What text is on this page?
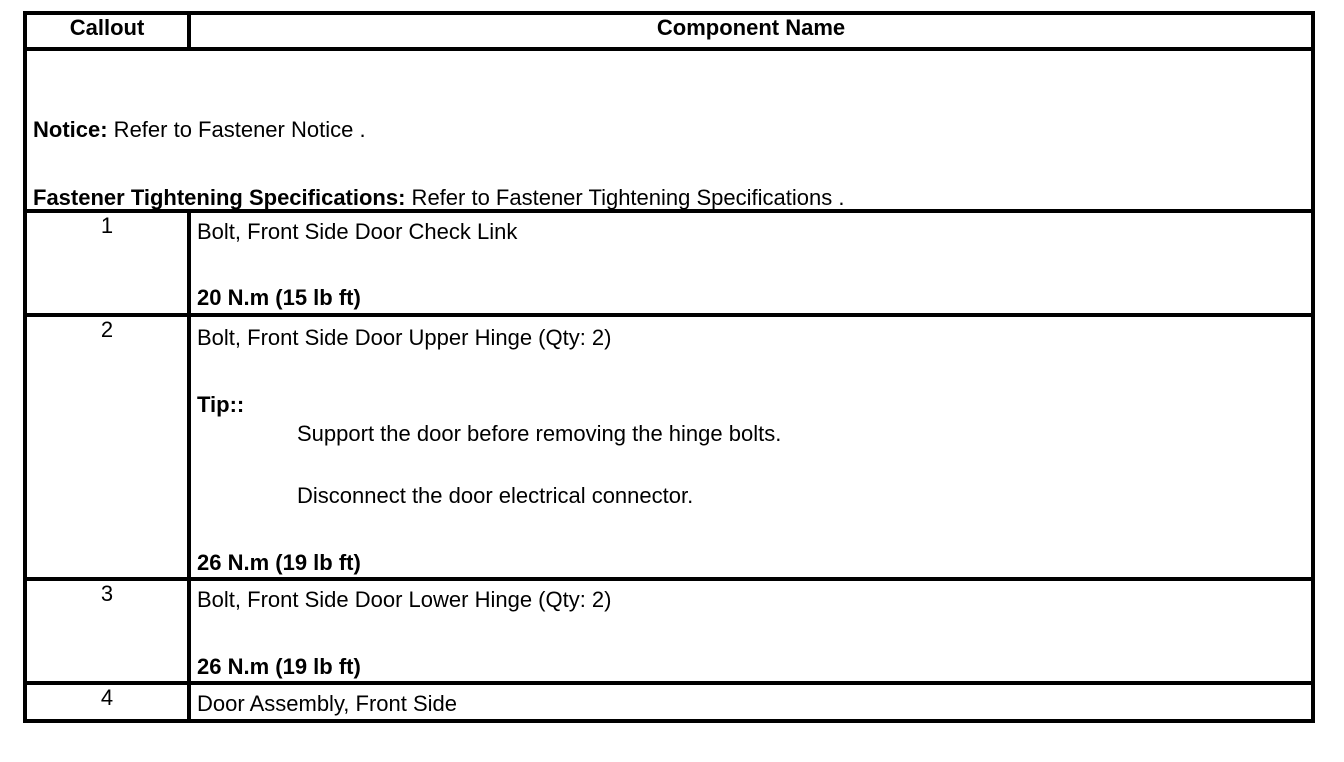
Callout	Component Name

Notice: Refer to Fastener Notice .
Fastener Tightening Specifications: Refer to Fastener Tightening Specifications .	

1	Bolt, Front Side Door Check Link
20 N.m (15 lb ft)

2	Bolt, Front Side Door Upper Hinge (Qty: 2)
Tip::
Support the door before removing the hinge bolts.
Disconnect the door electrical connector.
26 N.m (19 lb ft)

3	Bolt, Front Side Door Lower Hinge (Qty: 2)
26 N.m (19 lb ft)

4	Door Assembly, Front Side
